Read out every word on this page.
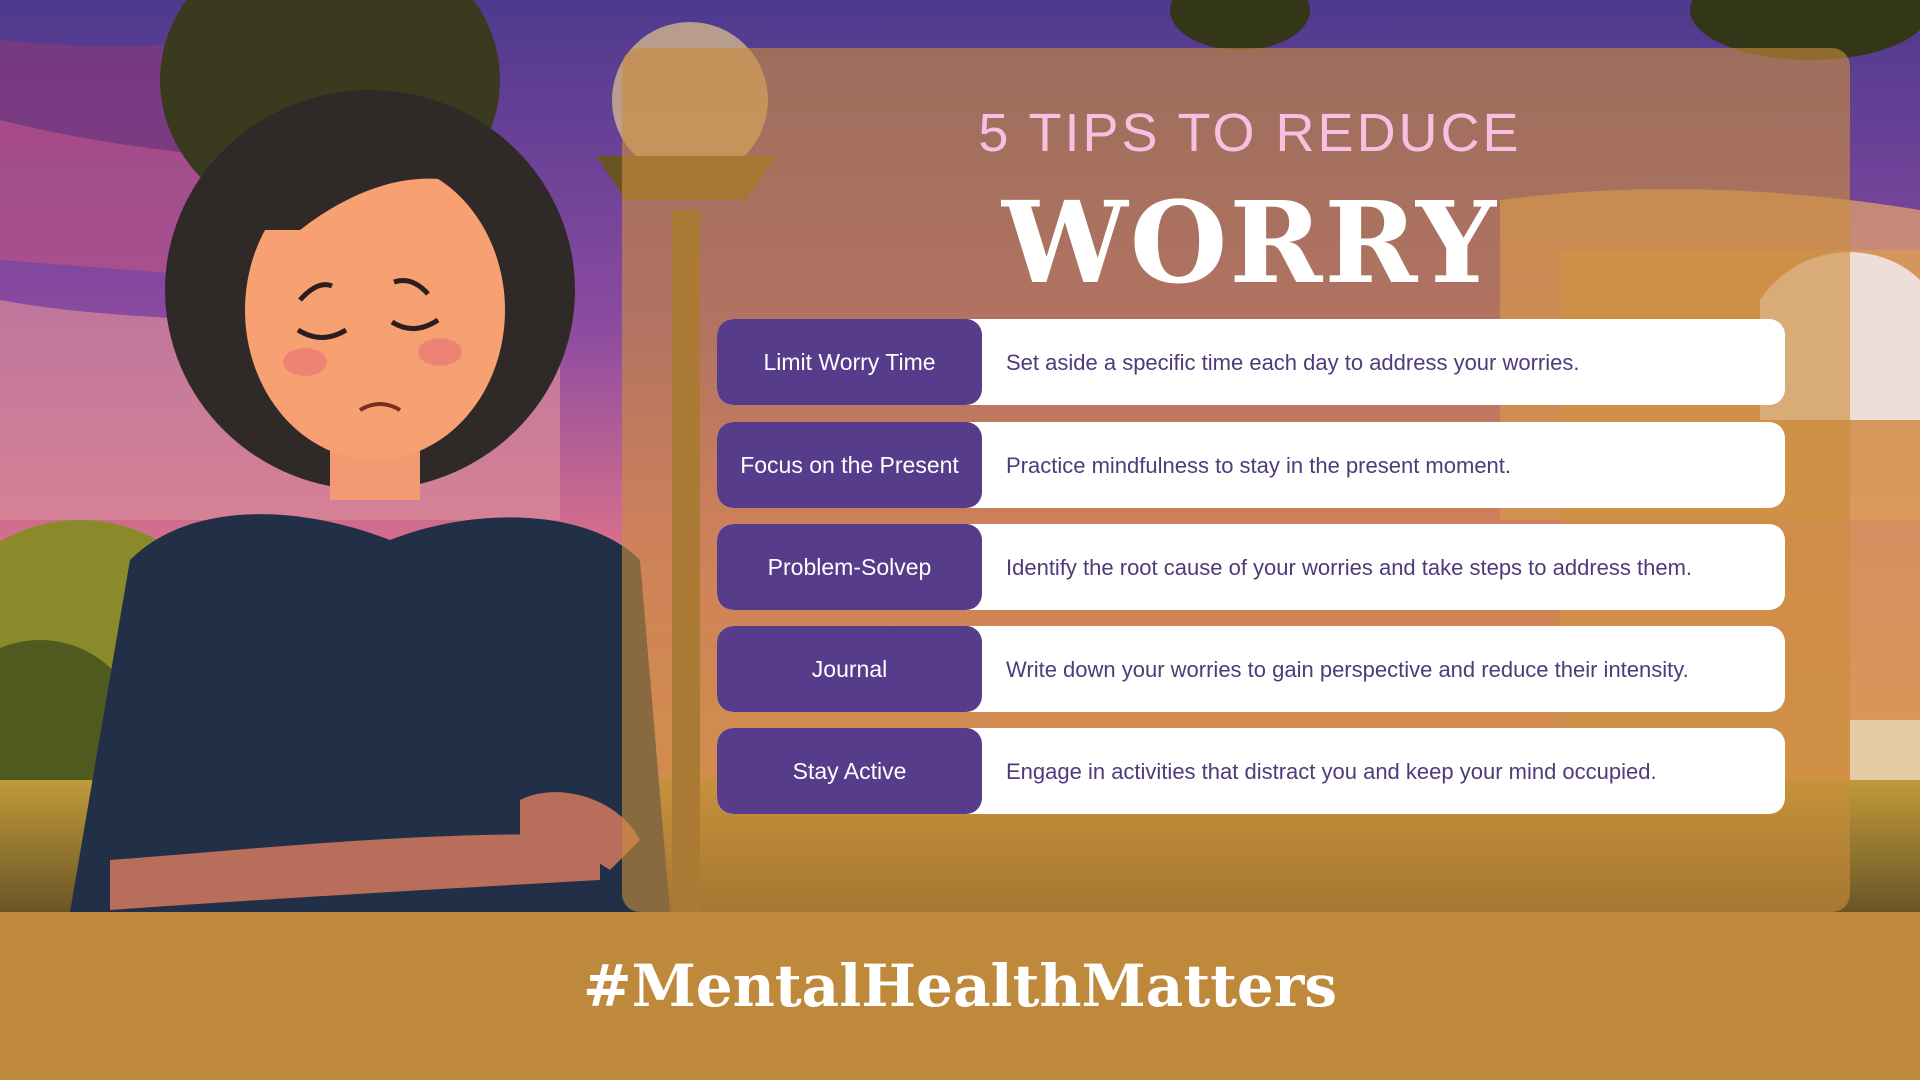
5 TIPS TO REDUCE
WORRY
Limit Worry Time	Set aside a specific time each day to address your worries.
Focus on the Present	Practice mindfulness to stay in the present moment.
Problem-Solvep	Identify the root cause of your worries and take steps to address them.
Journal	Write down your worries to gain perspective and reduce their intensity.
Stay Active	Engage in activities that distract you and keep your mind occupied.
#MentalHealthMatters
